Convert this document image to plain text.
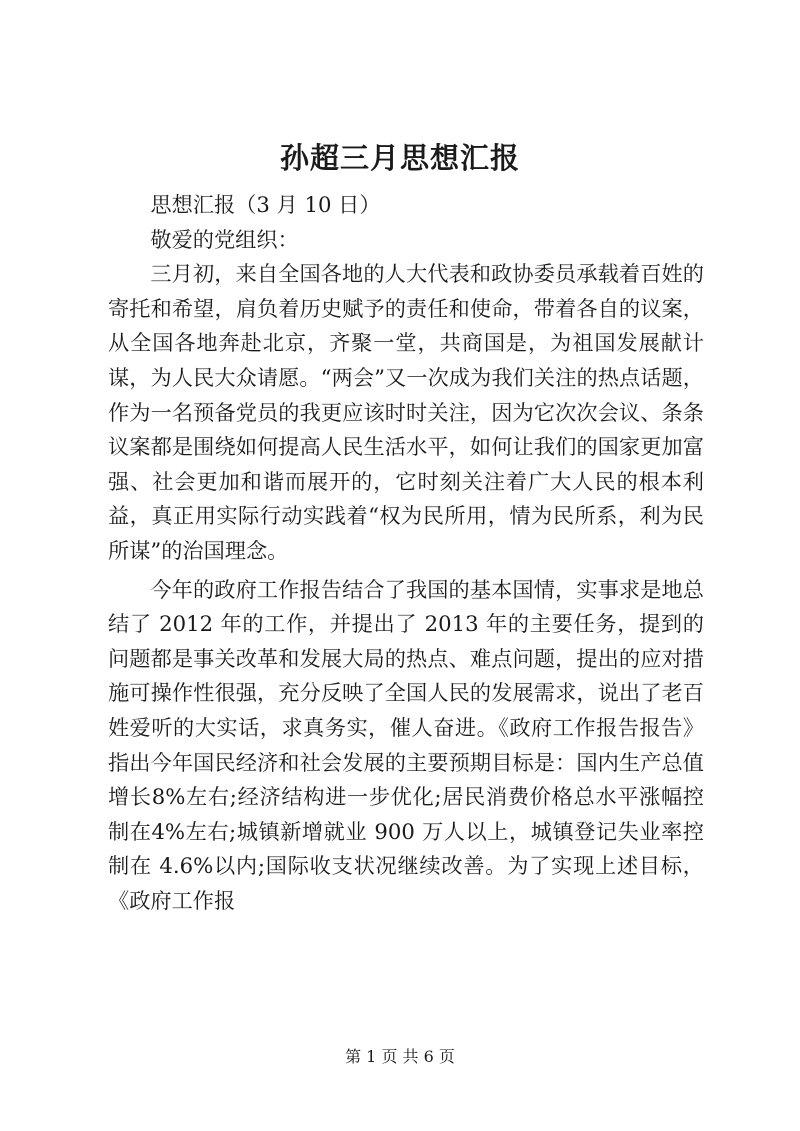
孙超三月思想汇报

思想汇报（3 月 10 日）

敬爱的党组织：

三月初，来自全国各地的人大代表和政协委员承载着百姓的寄托和希望，肩负着历史赋予的责任和使命，带着各自的议案，从全国各地奔赴北京，齐聚一堂，共商国是，为祖国发展献计谋，为人民大众请愿。“两会”又一次成为我们关注的热点话题，作为一名预备党员的我更应该时时关注，因为它次次会议、条条议案都是围绕如何提高人民生活水平，如何让我们的国家更加富强、社会更加和谐而展开的，它时刻关注着广大人民的根本利益，真正用实际行动实践着“权为民所用，情为民所系，利为民所谋”的治国理念。

今年的政府工作报告结合了我国的基本国情，实事求是地总结了 2012 年的工作，并提出了 2013 年的主要任务，提到的问题都是事关改革和发展大局的热点、难点问题，提出的应对措施可操作性很强，充分反映了全国人民的发展需求，说出了老百姓爱听的大实话，求真务实，催人奋进。《政府工作报告报告》指出今年国民经济和社会发展的主要预期目标是：国内生产总值增长8%左右;经济结构进一步优化;居民消费价格总水平涨幅控制在4%左右;城镇新增就业 900 万人以上，城镇登记失业率控制在 4.6%以内;国际收支状况继续改善。为了实现上述目标，《政府工作报

第 1 页 共 6 页
